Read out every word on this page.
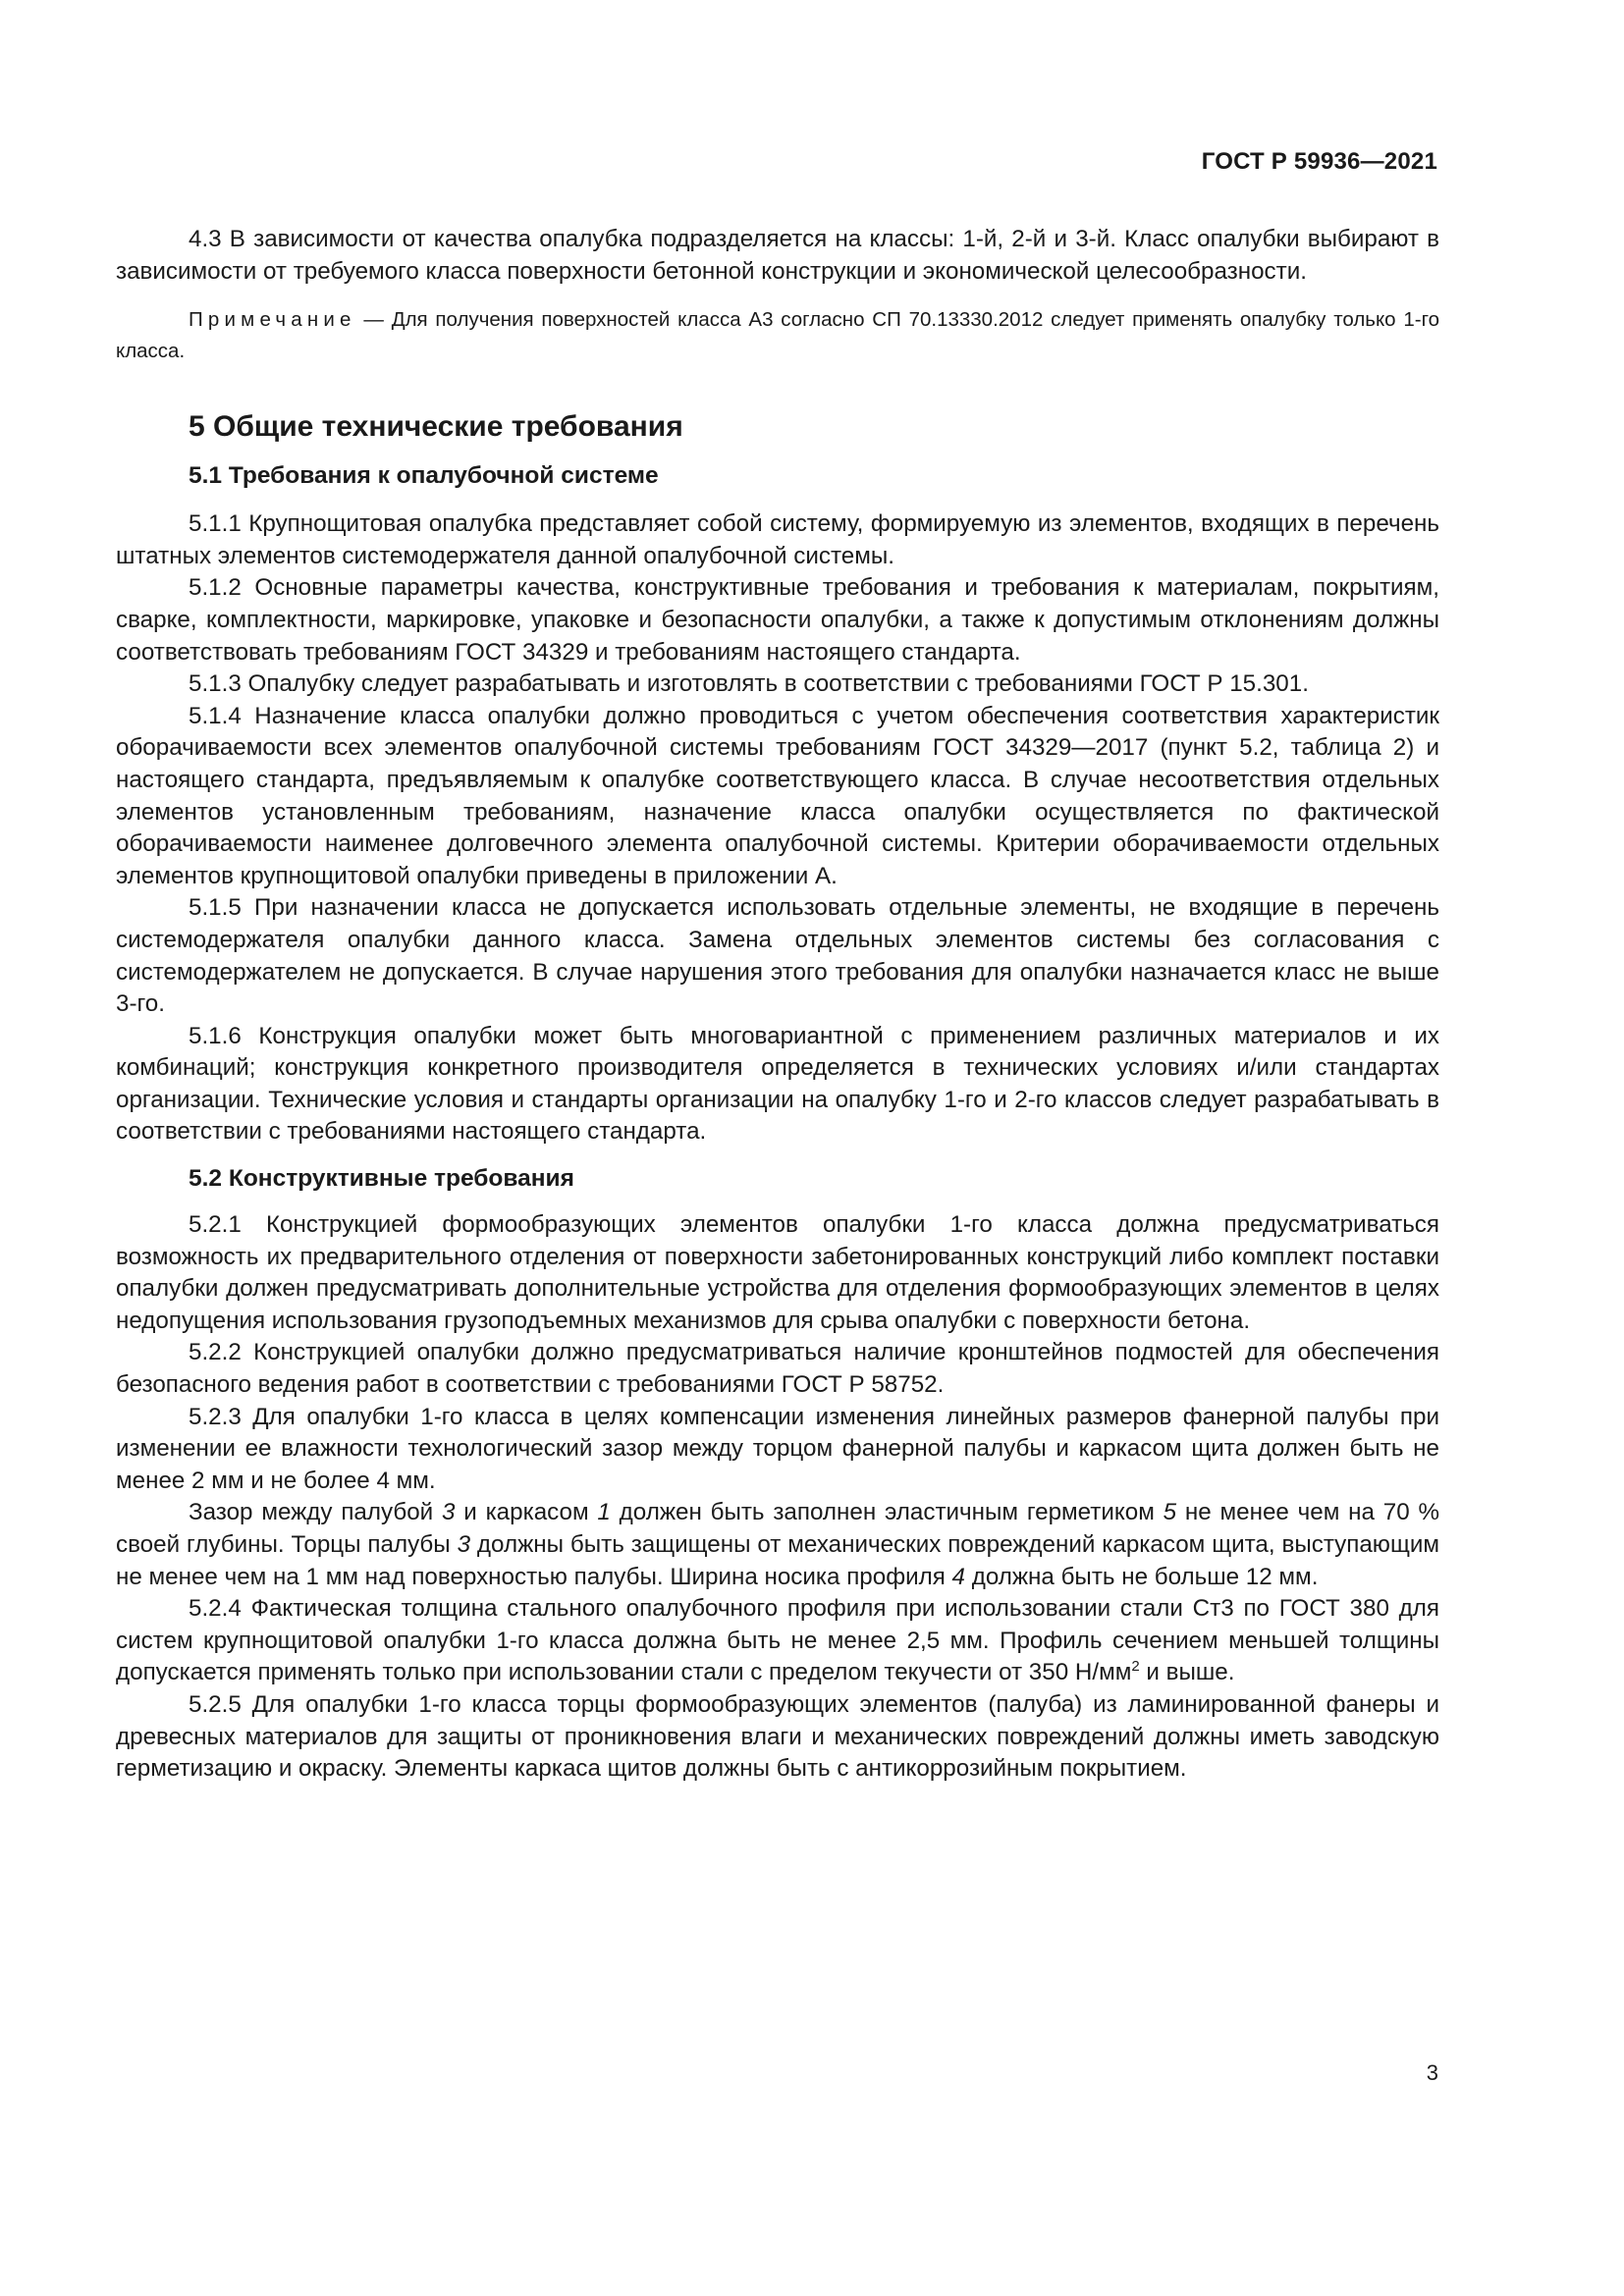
ГОСТ Р 59936—2021

4.3 В зависимости от качества опалубка подразделяется на классы: 1-й, 2-й и 3-й. Класс опалубки выбирают в зависимости от требуемого класса поверхности бетонной конструкции и экономической целесообразности.

Примечание — Для получения поверхностей класса А3 согласно СП 70.13330.2012 следует применять опалубку только 1-го класса.

5 Общие технические требования
5.1 Требования к опалубочной системе

5.1.1 Крупнощитовая опалубка представляет собой систему, формируемую из элементов, входящих в перечень штатных элементов системодержателя данной опалубочной системы.

5.1.2 Основные параметры качества, конструктивные требования и требования к материалам, покрытиям, сварке, комплектности, маркировке, упаковке и безопасности опалубки, а также к допустимым отклонениям должны соответствовать требованиям ГОСТ 34329 и требованиям настоящего стандарта.

5.1.3 Опалубку следует разрабатывать и изготовлять в соответствии с требованиями ГОСТ Р 15.301.

5.1.4 Назначение класса опалубки должно проводиться с учетом обеспечения соответствия характеристик оборачиваемости всех элементов опалубочной системы требованиям ГОСТ 34329—2017 (пункт 5.2, таблица 2) и настоящего стандарта, предъявляемым к опалубке соответствующего класса. В случае несоответствия отдельных элементов установленным требованиям, назначение класса опалубки осуществляется по фактической оборачиваемости наименее долговечного элемента опалубочной системы. Критерии оборачиваемости отдельных элементов крупнощитовой опалубки приведены в приложении А.

5.1.5 При назначении класса не допускается использовать отдельные элементы, не входящие в перечень системодержателя опалубки данного класса. Замена отдельных элементов системы без согласования с системодержателем не допускается. В случае нарушения этого требования для опалубки назначается класс не выше 3-го.

5.1.6 Конструкция опалубки может быть многовариантной с применением различных материалов и их комбинаций; конструкция конкретного производителя определяется в технических условиях и/или стандартах организации. Технические условия и стандарты организации на опалубку 1-го и 2-го классов следует разрабатывать в соответствии с требованиями настоящего стандарта.

5.2 Конструктивные требования

5.2.1 Конструкцией формообразующих элементов опалубки 1-го класса должна предусматриваться возможность их предварительного отделения от поверхности забетонированных конструкций либо комплект поставки опалубки должен предусматривать дополнительные устройства для отделения формообразующих элементов в целях недопущения использования грузоподъемных механизмов для срыва опалубки с поверхности бетона.

5.2.2 Конструкцией опалубки должно предусматриваться наличие кронштейнов подмостей для обеспечения безопасного ведения работ в соответствии с требованиями ГОСТ Р 58752.

5.2.3 Для опалубки 1-го класса в целях компенсации изменения линейных размеров фанерной палубы при изменении ее влажности технологический зазор между торцом фанерной палубы и каркасом щита должен быть не менее 2 мм и не более 4 мм.

Зазор между палубой 3 и каркасом 1 должен быть заполнен эластичным герметиком 5 не менее чем на 70 % своей глубины. Торцы палубы 3 должны быть защищены от механических повреждений каркасом щита, выступающим не менее чем на 1 мм над поверхностью палубы. Ширина носика профиля 4 должна быть не больше 12 мм.

5.2.4 Фактическая толщина стального опалубочного профиля при использовании стали Ст3 по ГОСТ 380 для систем крупнощитовой опалубки 1-го класса должна быть не менее 2,5 мм. Профиль сечением меньшей толщины допускается применять только при использовании стали с пределом текучести от 350 $Н/мм^2$ и выше.

5.2.5 Для опалубки 1-го класса торцы формообразующих элементов (палуба) из ламинированной фанеры и древесных материалов для защиты от проникновения влаги и механических повреждений должны иметь заводскую герметизацию и окраску. Элементы каркаса щитов должны быть с антикоррозийным покрытием.

3
